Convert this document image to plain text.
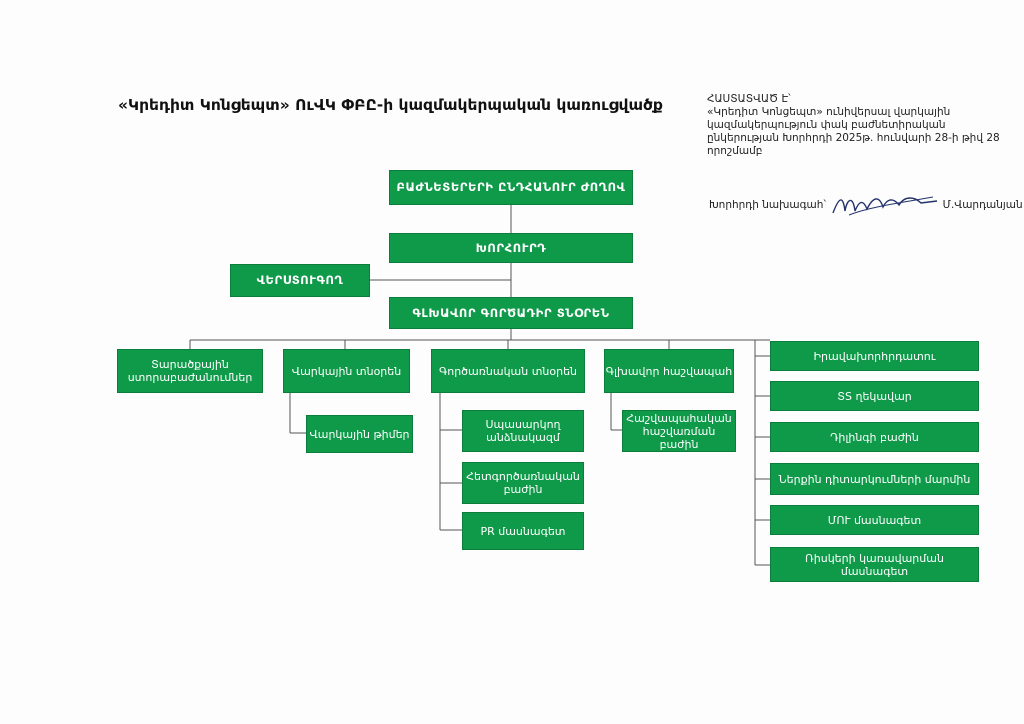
«Կրեդիտ Կոնցեպտ» ՈւՎԿ ՓԲԸ-ի կազմակերպական կառուցվածք	ՀԱՍՏԱՏՎԱԾ Է՝
«Կրեդիտ Կոնցեպտ» ունիվերսալ վարկային
կազմակերպություն փակ բաժնետիրական
ընկերության Խորհրդի 2025թ. հունվարի 28-ի թիվ 28
որոշմամբ
Խորհրդի նախագահ՝	Մ.Վարդանյան
ԲԱԺՆԵՏԵՐԵՐԻ ԸՆԴՀԱՆՈՒՐ ԺՈՂՈՎ
ԽՈՐՀՈՒՐԴ
ՎԵՐՍՏՈՒԳՈՂ
ԳԼԽԱՎՈՐ ԳՈՐԾԱԴԻՐ ՏՆՕՐԵՆ
Տարածքային ստորաբաժանումներ	Վարկային տնօրեն
Վարկային թիմեր
Գործառնական տնօրեն
Սպասարկող անձնակազմ
Հետգործառնական բաժին
PR մասնագետ
Գլխավոր հաշվապահ
Հաշվապահական հաշվառման բաժին
Իրավախորհրդատու
ՏS ղեկավար
Դիլինգի բաժին
Ներքին դիտարկումների մարմին
ՄՈՒ մասնագետ
Ռիսկերի կառավարման մասնագետ
